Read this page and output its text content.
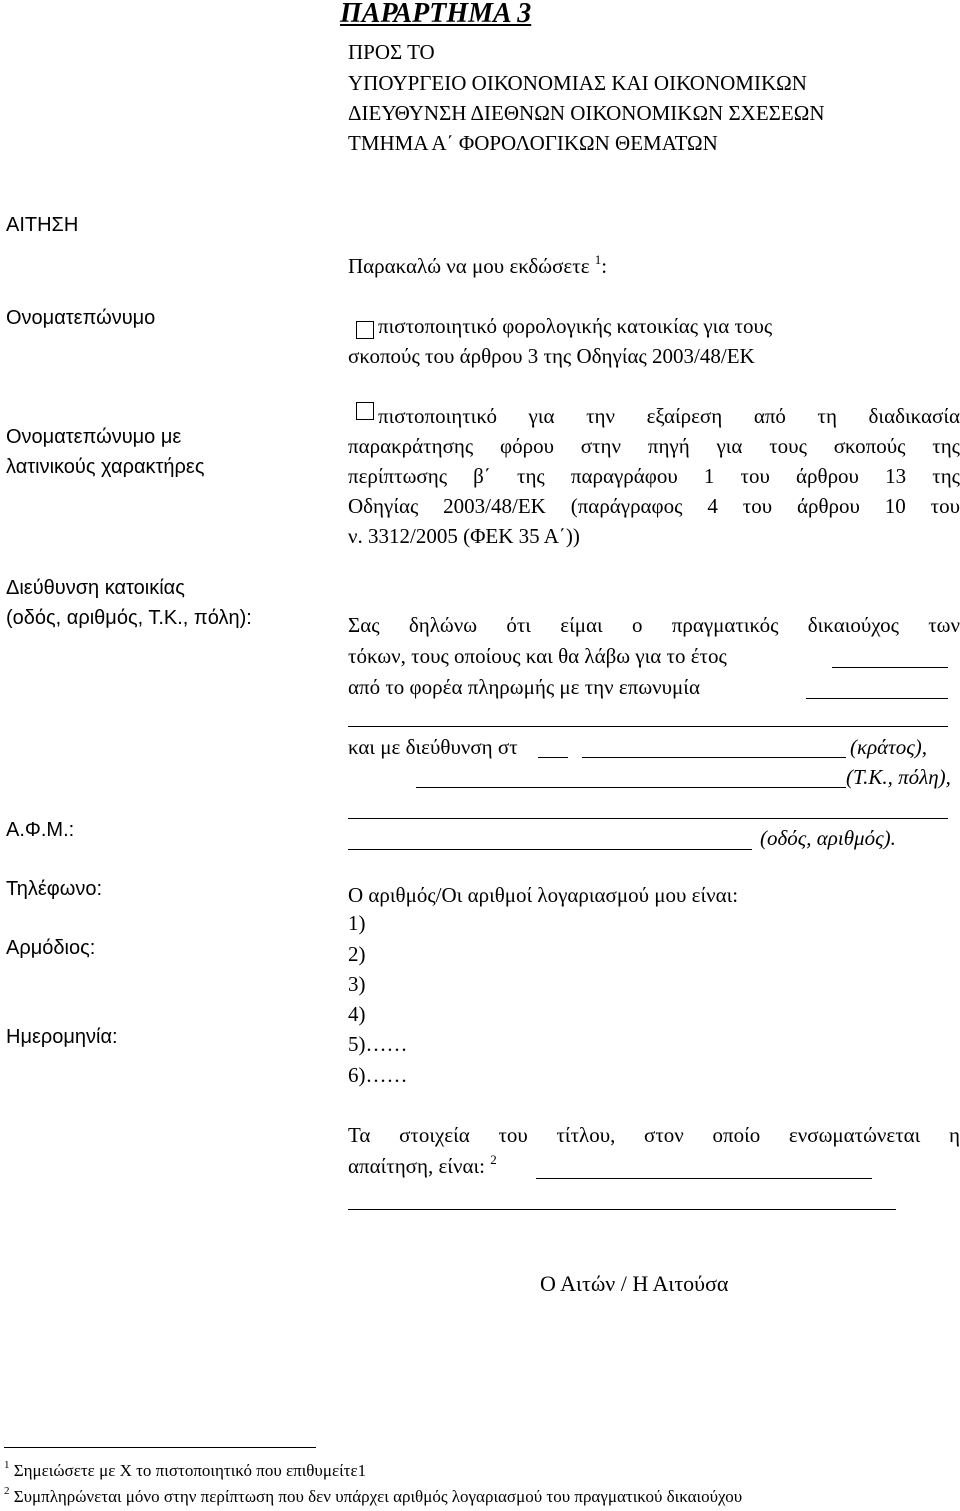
ΠΑΡΑΡΤΗΜΑ 3
ΠΡΟΣ ΤΟ
ΥΠΟΥΡΓΕΙΟ ΟΙΚΟΝΟΜΙΑΣ ΚΑΙ ΟΙΚΟΝΟΜΙΚΩΝ
ΔΙΕΥΘΥΝΣΗ ΔΙΕΘΝΩΝ ΟΙΚΟΝΟΜΙΚΩΝ ΣΧΕΣΕΩΝ
ΤΜΗΜΑ Α΄ ΦΟΡΟΛΟΓΙΚΩΝ ΘΕΜΑΤΩΝ
ΑΙΤΗΣΗ
Ονοματεπώνυμο
Ονοματεπώνυμο με
λατινικούς χαρακτήρες
Διεύθυνση κατοικίας
(οδός, αριθμός, Τ.Κ., πόλη):
Α.Φ.Μ.:
Τηλέφωνο:
Αρμόδιος:
Ημερομηνία:
Παρακαλώ να μου εκδώσετε $^1$:
πιστοποιητικό φορολογικής κατοικίας για τους
σκοπούς του άρθρου 3 της Οδηγίας 2003/48/ΕΚ
πιστοποιητικό για την εξαίρεση από τη διαδικασία
παρακράτησης φόρου στην πηγή για τους σκοπούς της
περίπτωσης β΄ της παραγράφου 1 του άρθρου 13 της
Οδηγίας 2003/48/ΕΚ (παράγραφος 4 του άρθρου 10 του
ν. 3312/2005 (ΦΕΚ 35 Α΄))
Σας δηλώνω ότι είμαι ο πραγματικός δικαιούχος των
τόκων, τους οποίους και θα λάβω για το έτος
από το φορέα πληρωμής με την επωνυμία
και με διεύθυνση στ	(κράτος),
(Τ.Κ., πόλη),
(οδός, αριθμός).
Ο αριθμός/Οι αριθμοί λογαριασμού μου είναι:
1)
2)
3)
4)
5)……
6)……
Τα στοιχεία του τίτλου, στον οποίο ενσωματώνεται η
απαίτηση, είναι: $^2$
Ο Αιτών / Η Αιτούσα
$^1$ Σημειώσετε με Χ το πιστοποιητικό που επιθυμείτε1
$^2$ Συμπληρώνεται μόνο στην περίπτωση που δεν υπάρχει αριθμός λογαριασμού του πραγματικού δικαιούχου
